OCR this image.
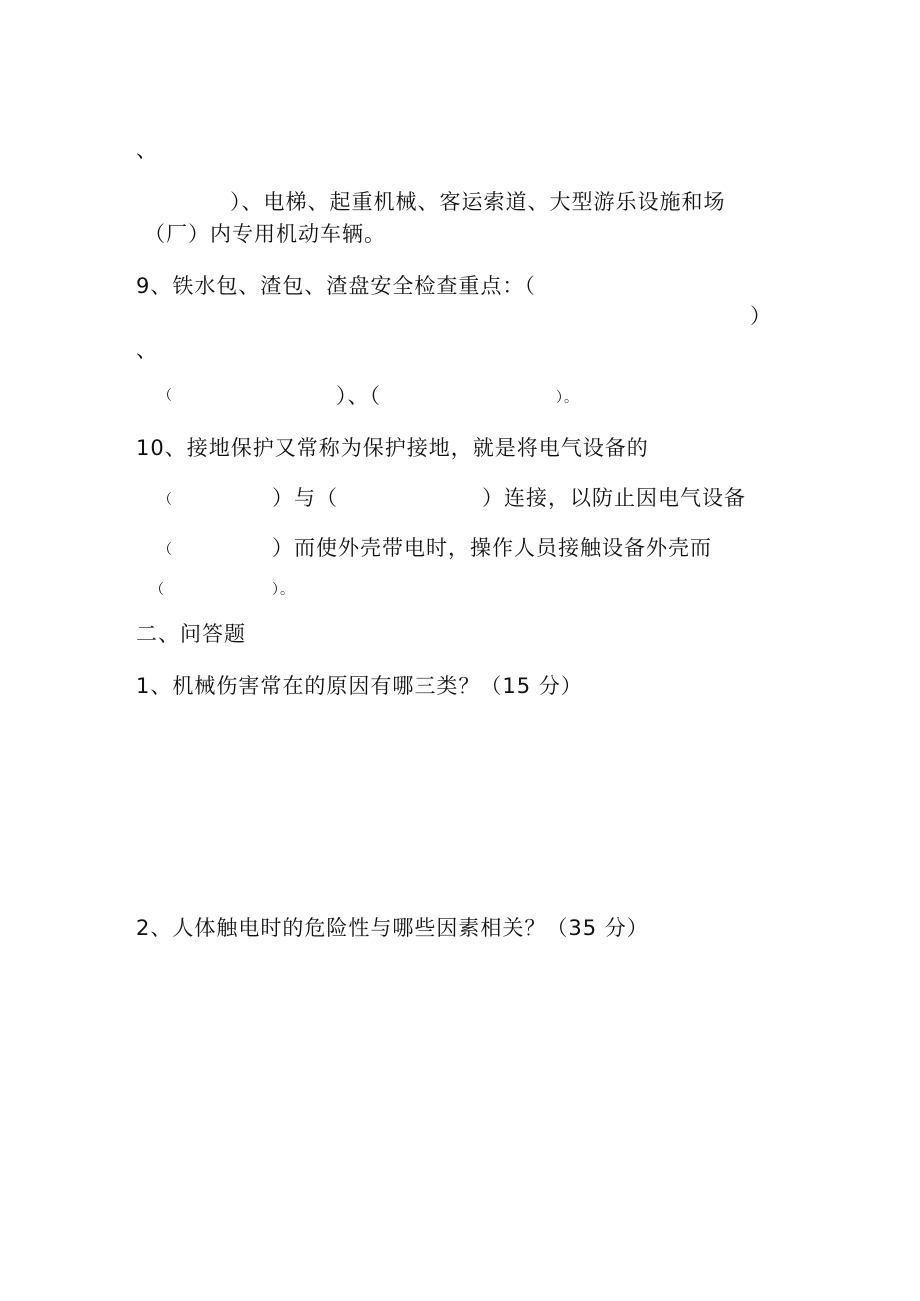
、
）、电梯、起重机械、客运索道、大型游乐设施和场
（厂）内专用机动车辆。
9、铁水包、渣包、渣盘安全检查重点：（
）
、
（	）、（	）。
10、接地保护又常称为保护接地，就是将电气设备的
（	）与（	）连接，以防止因电气设备
（	）而使外壳带电时，操作人员接触设备外壳而
（	）。
二、问答题
1、机械伤害常在的原因有哪三类？（15 分）
2、人体触电时的危险性与哪些因素相关？（35 分）
